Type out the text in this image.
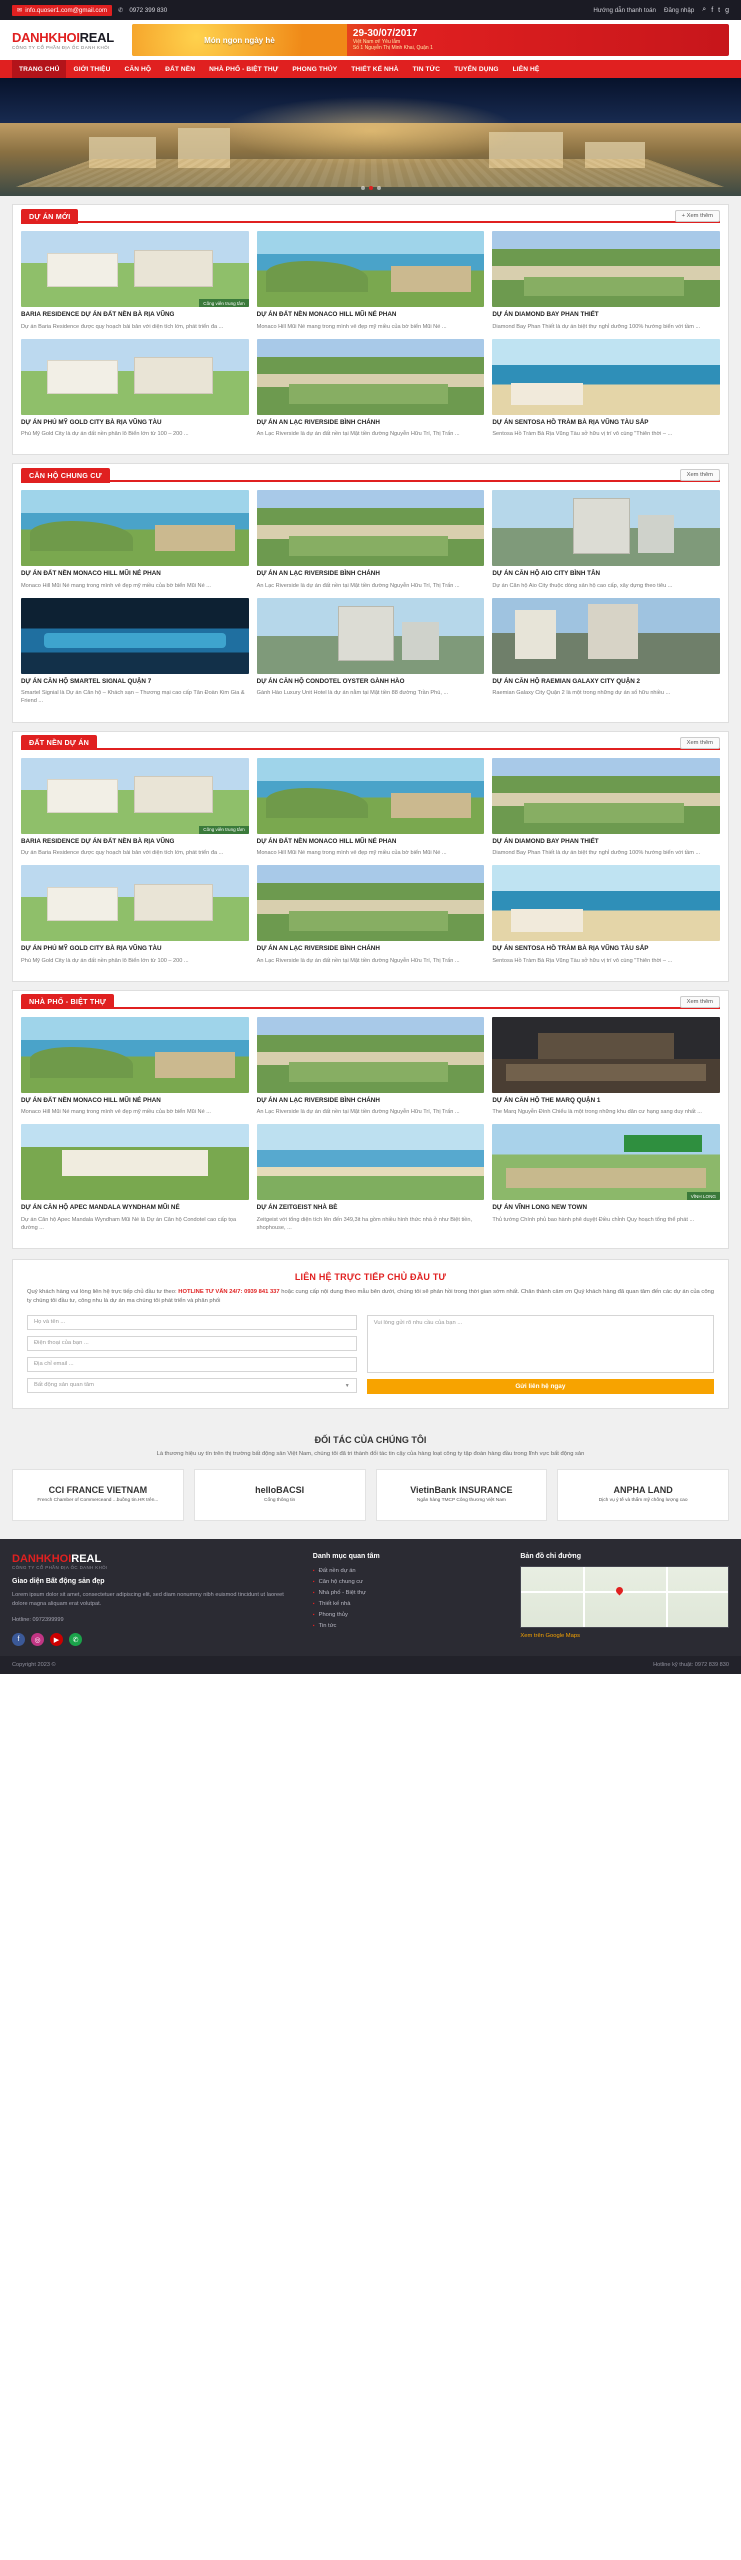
✉ info.quoser1.com@gmail.com ✆ 0972 399 830	Hướng dẫn thanh toán Đăng nhập ⌕ f t g
DANHKHOIREAL
CÔNG TY CỔ PHẦN ĐỊA ỐC DANH KHÔI
Món ngon ngày hè
29-30/07/2017
Việt Nam ơi! Yêu lắm
Số 1 Nguyễn Thị Minh Khai, Quận 1
TRANG CHỦ	GIỚI THIỆU	CĂN HỘ	ĐẤT NỀN	NHÀ PHỐ - BIỆT THỰ	PHONG THỦY	THIẾT KẾ NHÀ	TIN TỨC	TUYỂN DỤNG	LIÊN HỆ
DỰ ÁN MỚI	+ Xem thêm
Công viên trung tâm
BARIA RESIDENCE DỰ ÁN ĐẤT NỀN BÀ RỊA VŨNG
Dự án Baria Residence được quy hoạch bài bản với diện tích lớn, phát triển đa ...
DỰ ÁN ĐẤT NỀN MONACO HILL MŨI NÉ PHAN
Monaco Hill Mũi Né mang trong mình vẻ đẹp mỹ miều của bờ biển Mũi Né ...
DỰ ÁN DIAMOND BAY PHAN THIẾT
Diamond Bay Phan Thiết là dự án biệt thự nghỉ dưỡng 100% hướng biển với tầm ...
DỰ ÁN PHÚ MỸ GOLD CITY BÀ RỊA VŨNG TÀU
Phú Mỹ Gold City là dự án đất nền phân lô Biển lớn từ 100 – 200 ...
DỰ ÁN AN LẠC RIVERSIDE BÌNH CHÁNH
An Lạc Riverside là dự án đất nền tại Mặt tiền đường Nguyễn Hữu Trí, Thị Trấn ...
DỰ ÁN SENTOSA HỒ TRÀM BÀ RỊA VŨNG TÀU SẮP
Sentosa Hồ Tràm Bà Rịa Vũng Tàu sở hữu vị trí vô cùng "Thiên thời – ...
CĂN HỘ CHUNG CƯ	Xem thêm
DỰ ÁN ĐẤT NỀN MONACO HILL MŨI NÉ PHAN
Monaco Hill Mũi Né mang trong mình vẻ đẹp mỹ miều của bờ biển Mũi Né ...
DỰ ÁN AN LẠC RIVERSIDE BÌNH CHÁNH
An Lạc Riverside là dự án đất nền tại Mặt tiền đường Nguyễn Hữu Trí, Thị Trấn ...
DỰ ÁN CĂN HỘ AIO CITY BÌNH TÂN
Dự án Căn hộ Aio City thuộc dòng sản hộ cao cấp, xây dựng theo tiêu ...
DỰ ÁN CĂN HỘ SMARTEL SIGNAL QUẬN 7
Smartel Signial là Dự án Căn hộ – Khách sạn – Thương mại cao cấp Tân Đoàn Kim Gia & Friend ...
DỰ ÁN CĂN HỘ CONDOTEL OYSTER GÀNH HÀO
Gành Hào Luxury Unit Hotel là dự án nằm tại Mặt tiền 88 đường Trần Phú, ...
DỰ ÁN CĂN HỘ RAEMIAN GALAXY CITY QUẬN 2
Raemian Galaxy City Quận 2 là một trong những dự án số hữu nhiều ...
ĐẤT NỀN DỰ ÁN	Xem thêm
Công viên trung tâm
BARIA RESIDENCE DỰ ÁN ĐẤT NỀN BÀ RỊA VŨNG
Dự án Baria Residence được quy hoạch bài bản với diện tích lớn, phát triển đa ...
DỰ ÁN ĐẤT NỀN MONACO HILL MŨI NÉ PHAN
Monaco Hill Mũi Né mang trong mình vẻ đẹp mỹ miều của bờ biển Mũi Né ...
DỰ ÁN DIAMOND BAY PHAN THIẾT
Diamond Bay Phan Thiết là dự án biệt thự nghỉ dưỡng 100% hướng biển với tầm ...
DỰ ÁN PHÚ MỸ GOLD CITY BÀ RỊA VŨNG TÀU
Phú Mỹ Gold City là dự án đất nền phân lô Biển lớn từ 100 – 200 ...
DỰ ÁN AN LẠC RIVERSIDE BÌNH CHÁNH
An Lạc Riverside là dự án đất nền tại Mặt tiền đường Nguyễn Hữu Trí, Thị Trấn ...
DỰ ÁN SENTOSA HỒ TRÀM BÀ RỊA VŨNG TÀU SẮP
Sentosa Hồ Tràm Bà Rịa Vũng Tàu sở hữu vị trí vô cùng "Thiên thời – ...
NHÀ PHỐ - BIỆT THỰ	Xem thêm
DỰ ÁN ĐẤT NỀN MONACO HILL MŨI NÉ PHAN
Monaco Hill Mũi Né mang trong mình vẻ đẹp mỹ miều của bờ biển Mũi Né ...
DỰ ÁN AN LẠC RIVERSIDE BÌNH CHÁNH
An Lạc Riverside là dự án đất nền tại Mặt tiền đường Nguyễn Hữu Trí, Thị Trấn ...
DỰ ÁN CĂN HỘ THE MARQ QUẬN 1
The Marq Nguyễn Đình Chiểu là một trong những khu dân cư hạng sang duy nhất ...
DỰ ÁN CĂN HỘ APEC MANDALA WYNDHAM MŨI NÉ
Dự án Căn hộ Apec Mandala Wyndham Mũi Né là Dự án Căn hộ Condotel cao cấp tọa đường ...
DỰ ÁN ZEITGEIST NHÀ BÈ
Zeitgeist với tổng diện tích lên đến 349,3it ha gồm nhiều hình thức nhà ở như Biệt tiền, shophouse, ...
VĨNH LONG
DỰ ÁN VĨNH LONG NEW TOWN
Thủ tướng Chính phủ bao hành phê duyệt Điều chỉnh Quy hoạch tổng thể phát ...
LIÊN HỆ TRỰC TIẾP CHỦ ĐẦU TƯ

Quý khách hàng vui lòng liên hệ trực tiếp chủ đầu tư theo: HOTLINE TƯ VẤN 24/7: 0939 841 337 hoặc cung cấp nội dung theo mẫu bên dưới, chúng tôi sẽ phản hồi trong thời gian sớm nhất. Chân thành cảm ơn Quý khách hàng đã quan tâm đến các dự án của công ty chúng tôi đầu tư, công nhu là dự án ma chúng tôi phát triển và phân phối

Họ và tên ...
Điện thoại của bạn ...
Địa chỉ email ...
Bất động sản quan tâm	▼
Vui lòng gửi rõ nhu cầu của bạn ...
Gửi liên hệ ngay
ĐỐI TÁC CỦA CHÚNG TÔI

Là thương hiệu uy tín trên thị trường bất động sản Việt Nam, chúng tôi đã tri thành đối tác tin cậy của hàng loạt công ty tập đoàn hàng đầu trong lĩnh vực bất động sản

CCI FRANCE VIETNAM
French Chamber of Commerceand ...buồng tin.HR trên...
helloBACSI
Cổng thông tin
VietinBank INSURANCE
Ngân hàng TMCP Công thương Việt Nam
ANPHA LAND
Dịch vụ ý tế và thẩm mỹ chống lượng cao
DANHKHOIREAL
CÔNG TY CỔ PHẦN ĐỊA ỐC DANH KHÔI
Giao diện Bất động sản đẹp

Lorem ipsum dolor sit amet, consectetuer adipiscing elit, sed diam nonummy nibh euismod tincidunt ut laoreet dolore magna aliquam erat volutpat.

Hotline: 0972399999

f	◎	▶	✆
Danh mục quan tâm
▪ Đất nền dự án
▪ Căn hộ chung cư
▪ Nhà phố - Biệt thự
▪ Thiết kế nhà
▪ Phong thủy
▪ Tin tức
Bản đồ chỉ đường
Xem trên Google Maps
Copyright 2023 ©	Hotline kỹ thuật: 0972 839 830
